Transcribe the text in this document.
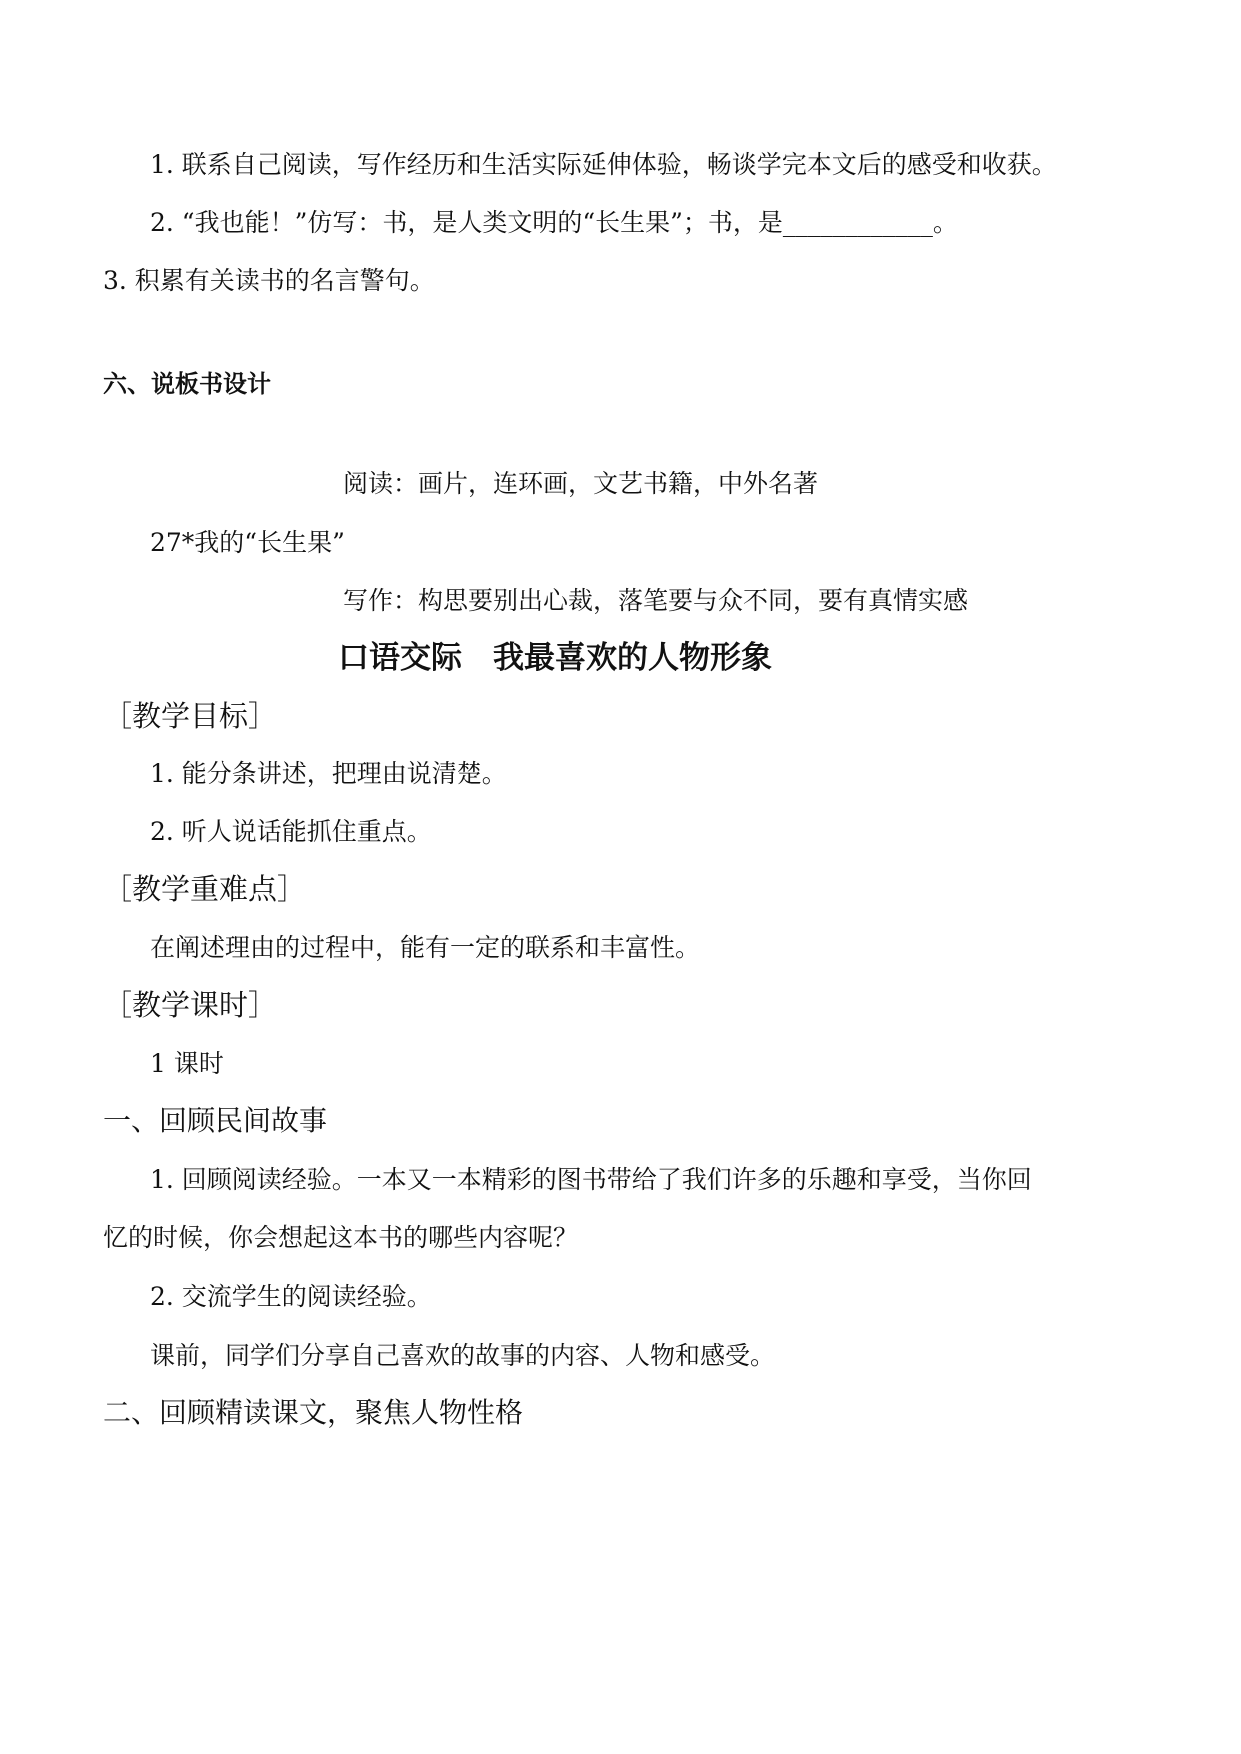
1. 联系自己阅读，写作经历和生活实际延伸体验，畅谈学完本文后的感受和收获。
2. “我也能！”仿写：书，是人类文明的“长生果”；书，是____________。
3. 积累有关读书的名言警句。
六、说板书设计
阅读：画片，连环画，文艺书籍，中外名著
27*我的“长生果”
写作：构思要别出心裁，落笔要与众不同，要有真情实感
口语交际　我最喜欢的人物形象
［教学目标］
1. 能分条讲述，把理由说清楚。
2. 听人说话能抓住重点。
［教学重难点］
在阐述理由的过程中，能有一定的联系和丰富性。
［教学课时］
1 课时
一、回顾民间故事
1. 回顾阅读经验。一本又一本精彩的图书带给了我们许多的乐趣和享受，当你回
忆的时候，你会想起这本书的哪些内容呢？
2. 交流学生的阅读经验。
课前，同学们分享自己喜欢的故事的内容、人物和感受。
二、回顾精读课文，聚焦人物性格
